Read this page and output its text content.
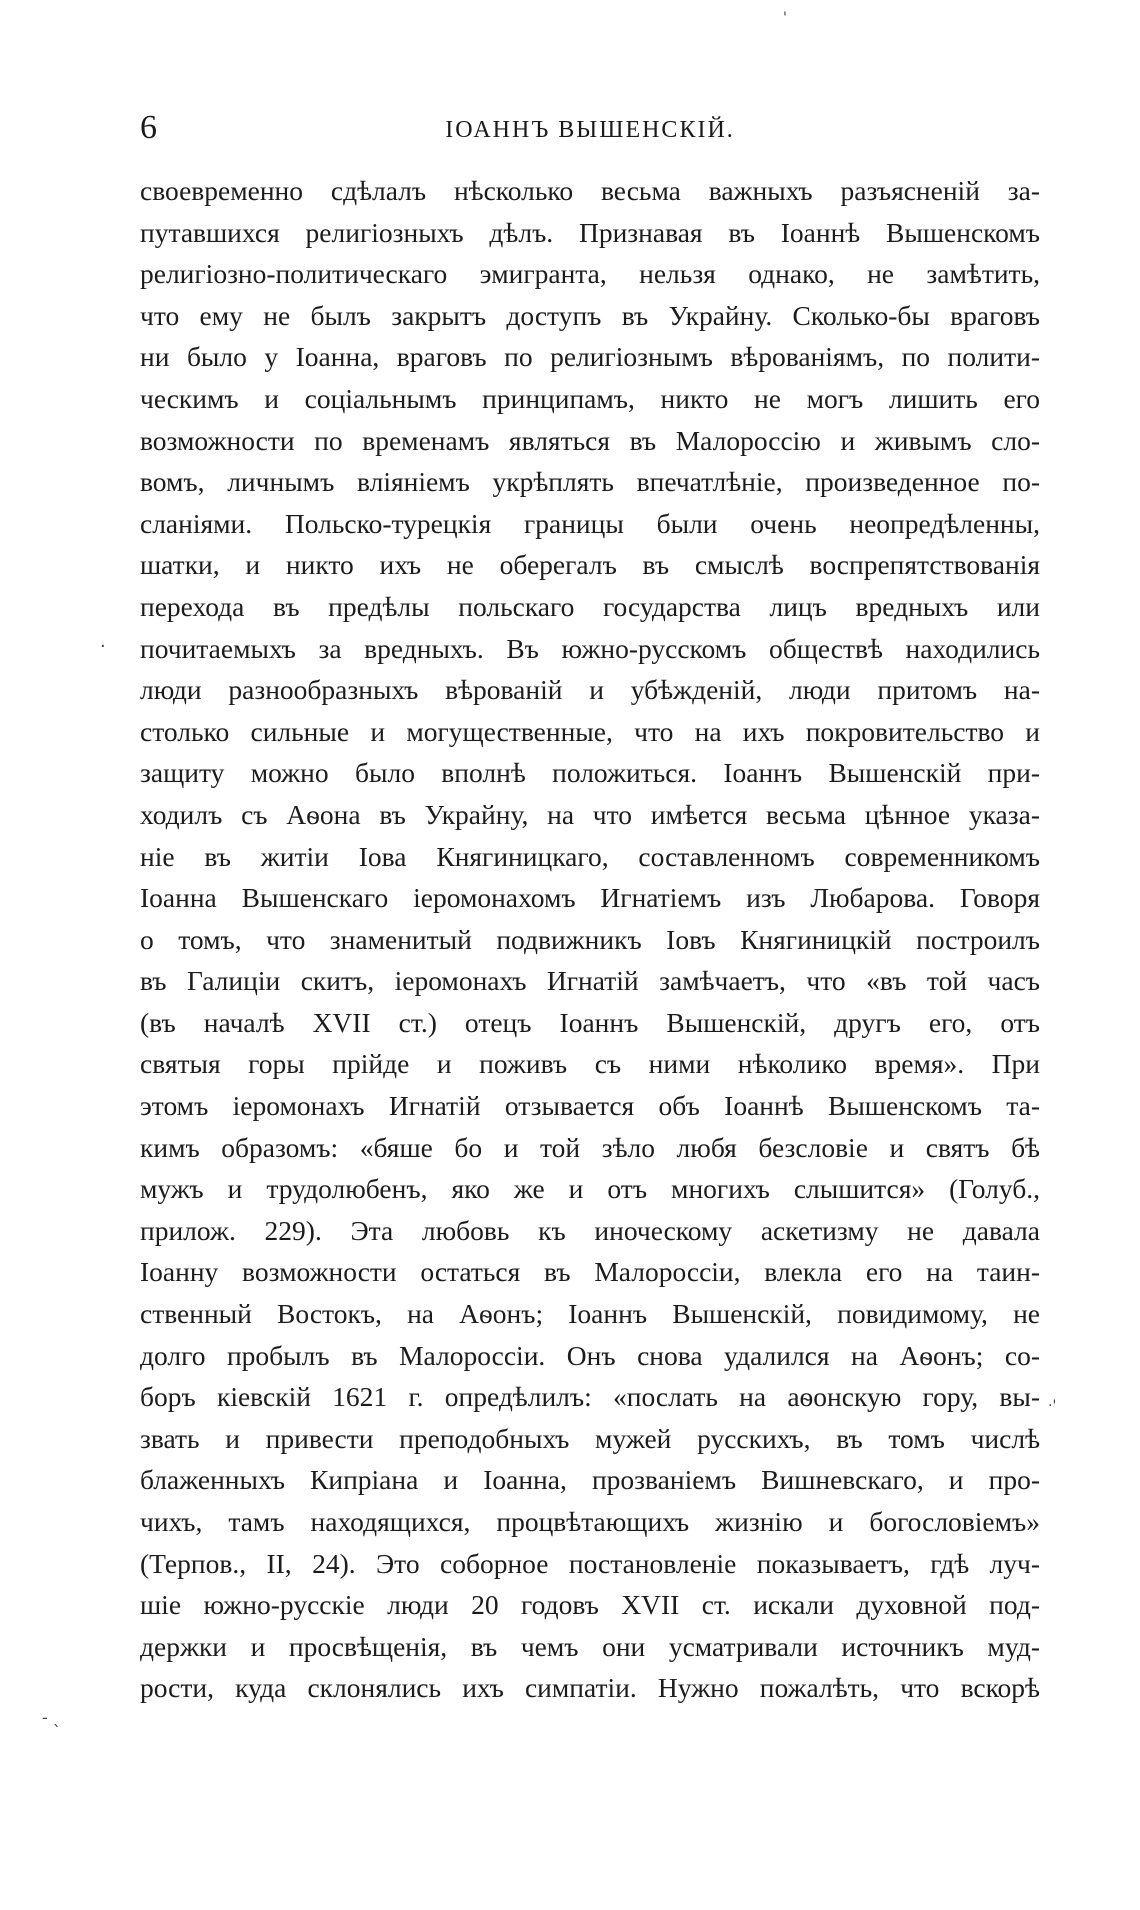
6	ІОАННЪ ВЫШЕНСКІЙ.
своевременно сдѣлалъ нѣсколько весьма важныхъ разъясненій за-
путавшихся религіозныхъ дѣлъ. Признавая въ Іоаннѣ Вышенскомъ
религіозно-политическаго эмигранта, нельзя однако, не замѣтить,
что ему не былъ закрытъ доступъ въ Украйну. Сколько-бы враговъ
ни было у Іоанна, враговъ по религіознымъ вѣрованіямъ, по полити-
ческимъ и соціальнымъ принципамъ, никто не могъ лишить его
возможности по временамъ являться въ Малороссію и живымъ сло-
вомъ, личнымъ вліяніемъ укрѣплять впечатлѣніе, произведенное по-
сланіями. Польско-турецкія границы были очень неопредѣленны,
шатки, и никто ихъ не оберегалъ въ смыслѣ воспрепятствованія
перехода въ предѣлы польскаго государства лицъ вредныхъ или
почитаемыхъ за вредныхъ. Въ южно-русскомъ обществѣ находились
люди разнообразныхъ вѣрованій и убѣжденій, люди притомъ на-
столько сильные и могущественные, что на ихъ покровительство и
защиту можно было вполнѣ положиться. Іоаннъ Вышенскій при-
ходилъ съ Аѳона въ Украйну, на что имѣется весьма цѣнное указа-
ніе въ житіи Іова Княгиницкаго, составленномъ современникомъ
Іоанна Вышенскаго іеромонахомъ Игнатіемъ изъ Любарова. Говоря
о томъ, что знаменитый подвижникъ Іовъ Княгиницкій построилъ
въ Галиціи скитъ, іеромонахъ Игнатій замѣчаетъ, что «въ той часъ
(въ началѣ XVII ст.) отецъ Іоаннъ Вышенскій, другъ его, отъ
святыя горы прійде и поживъ съ ними нѣколико время». При
этомъ іеромонахъ Игнатій отзывается объ Іоаннѣ Вышенскомъ та-
кимъ образомъ: «бяше бо и той зѣло любя безсловіе и святъ бѣ
мужъ и трудолюбенъ, яко же и отъ многихъ слышится» (Голуб.,
прилож. 229). Эта любовь къ иноческому аскетизму не давала
Іоанну возможности остаться въ Малороссіи, влекла его на таин-
ственный Востокъ, на Аѳонъ; Іоаннъ Вышенскій, повидимому, не
долго пробылъ въ Малороссіи. Онъ снова удалился на Аѳонъ; со-
боръ кіевскій 1621 г. опредѣлилъ: «послать на аѳонскую гору, вы-
звать и привести преподобныхъ мужей русскихъ, въ томъ числѣ
блаженныхъ Кипріана и Іоанна, прозваніемъ Вишневскаго, и про-
чихъ, тамъ находящихся, процвѣтающихъ жизнію и богословіемъ»
(Терпов., II, 24). Это соборное постановленіе показываетъ, гдѣ луч-
шіе южно-русскіе люди 20 годовъ XVII ст. искали духовной под-
держки и просвѣщенія, въ чемъ они усматривали источникъ муд-
рости, куда склонялись ихъ симпатіи. Нужно пожалѣть, что вскорѣ
'
·
·'
- ˎ
